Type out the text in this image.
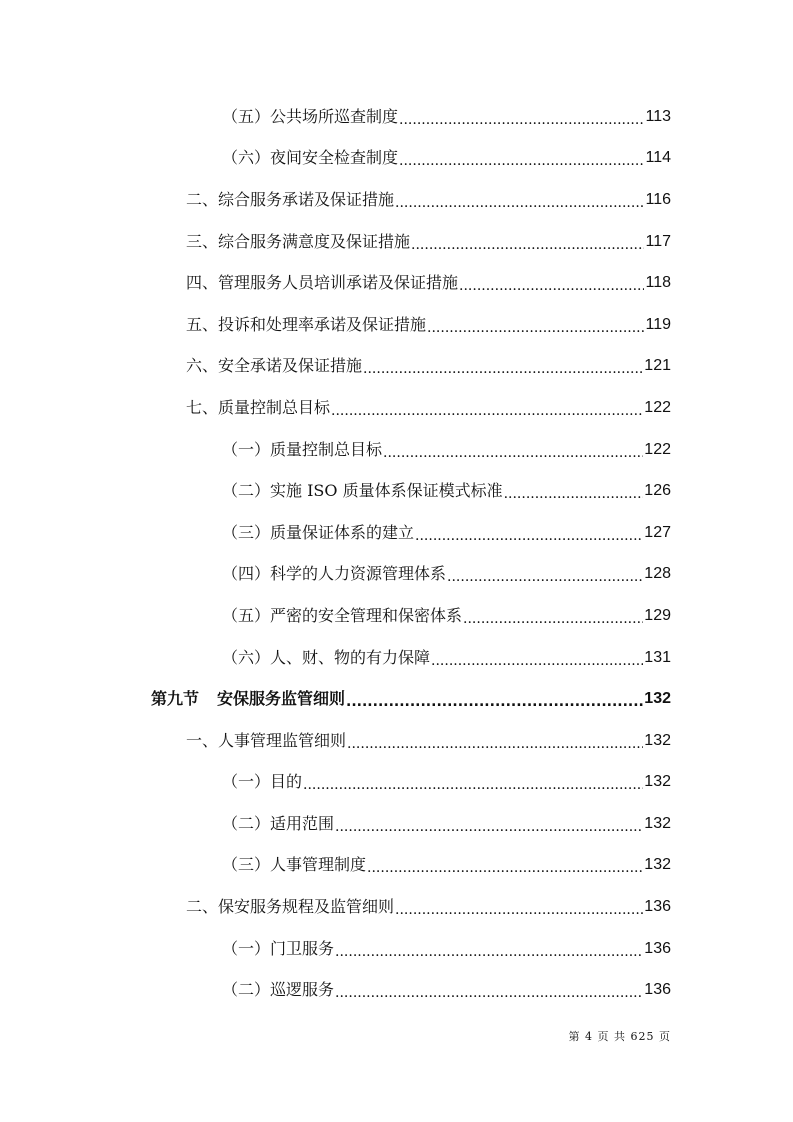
（五）公共场所巡查制度 .....	113
（六）夜间安全检查制度 .....	114
二、综合服务承诺及保证措施 .....	116
三、综合服务满意度及保证措施 .....	117
四、管理服务人员培训承诺及保证措施 .....	118
五、投诉和处理率承诺及保证措施 .....	119
六、安全承诺及保证措施 .....	121
七、质量控制总目标 .....	122
（一）质量控制总目标 .....	122
（二）实施 ISO 质量体系保证模式标准 .....	126
（三）质量保证体系的建立 .....	127
（四）科学的人力资源管理体系 .....	128
（五）严密的安全管理和保密体系 .....	129
（六）人、财、物的有力保障 .....	131
第九节 安保服务监管细则 .....	132
一、人事管理监管细则 .....	132
（一）目的 .....	132
（二）适用范围 .....	132
（三）人事管理制度 .....	132
二、保安服务规程及监管细则 .....	136
（一）门卫服务 .....	136
（二）巡逻服务 .....	136
第 4 页 共 625 页
